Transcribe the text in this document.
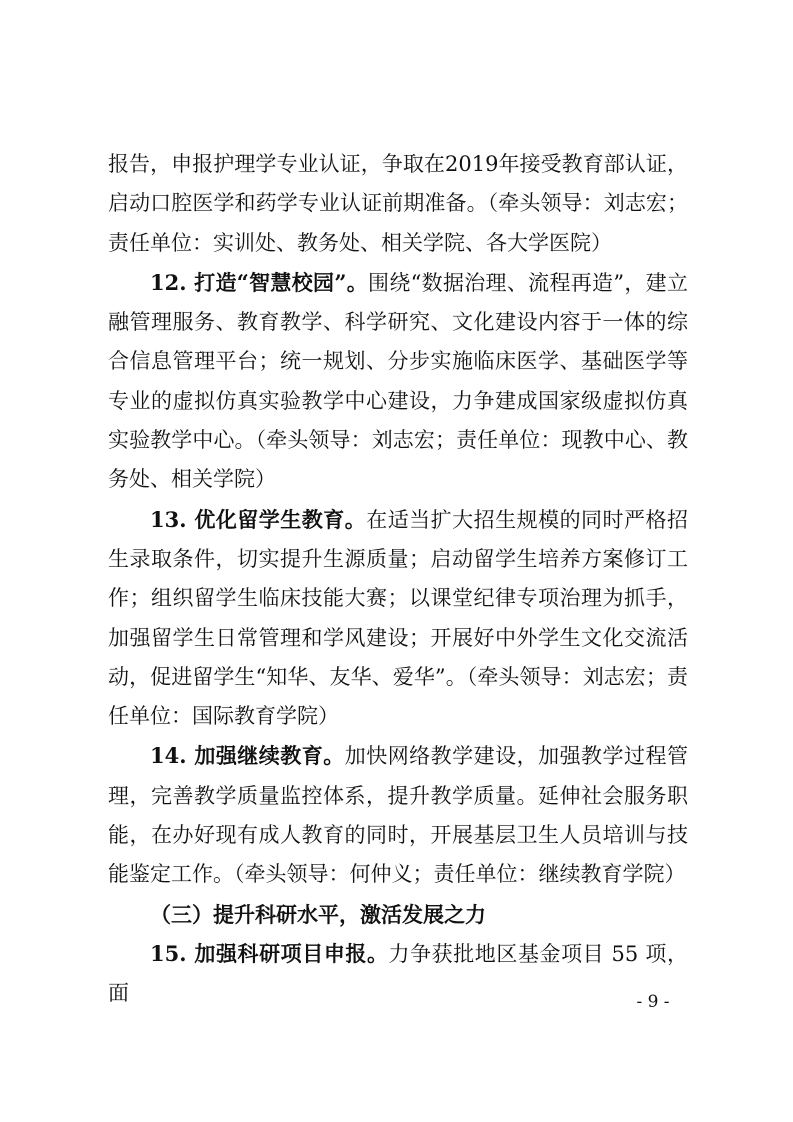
报告，申报护理学专业认证，争取在2019年接受教育部认证，启动口腔医学和药学专业认证前期准备。（牵头领导：刘志宏；责任单位：实训处、教务处、相关学院、各大学医院）

12. 打造“智慧校园”。围绕“数据治理、流程再造”，建立融管理服务、教育教学、科学研究、文化建设内容于一体的综合信息管理平台；统一规划、分步实施临床医学、基础医学等专业的虚拟仿真实验教学中心建设，力争建成国家级虚拟仿真实验教学中心。（牵头领导：刘志宏；责任单位：现教中心、教务处、相关学院）

13. 优化留学生教育。在适当扩大招生规模的同时严格招生录取条件，切实提升生源质量；启动留学生培养方案修订工作；组织留学生临床技能大赛；以课堂纪律专项治理为抓手，加强留学生日常管理和学风建设；开展好中外学生文化交流活动，促进留学生“知华、友华、爱华”。（牵头领导：刘志宏；责任单位：国际教育学院）

14. 加强继续教育。加快网络教学建设，加强教学过程管理，完善教学质量监控体系，提升教学质量。延伸社会服务职能，在办好现有成人教育的同时，开展基层卫生人员培训与技能鉴定工作。（牵头领导：何仲义；责任单位：继续教育学院）

（三）提升科研水平，激活发展之力

15. 加强科研项目申报。力争获批地区基金项目 55 项，面	- 9 -
